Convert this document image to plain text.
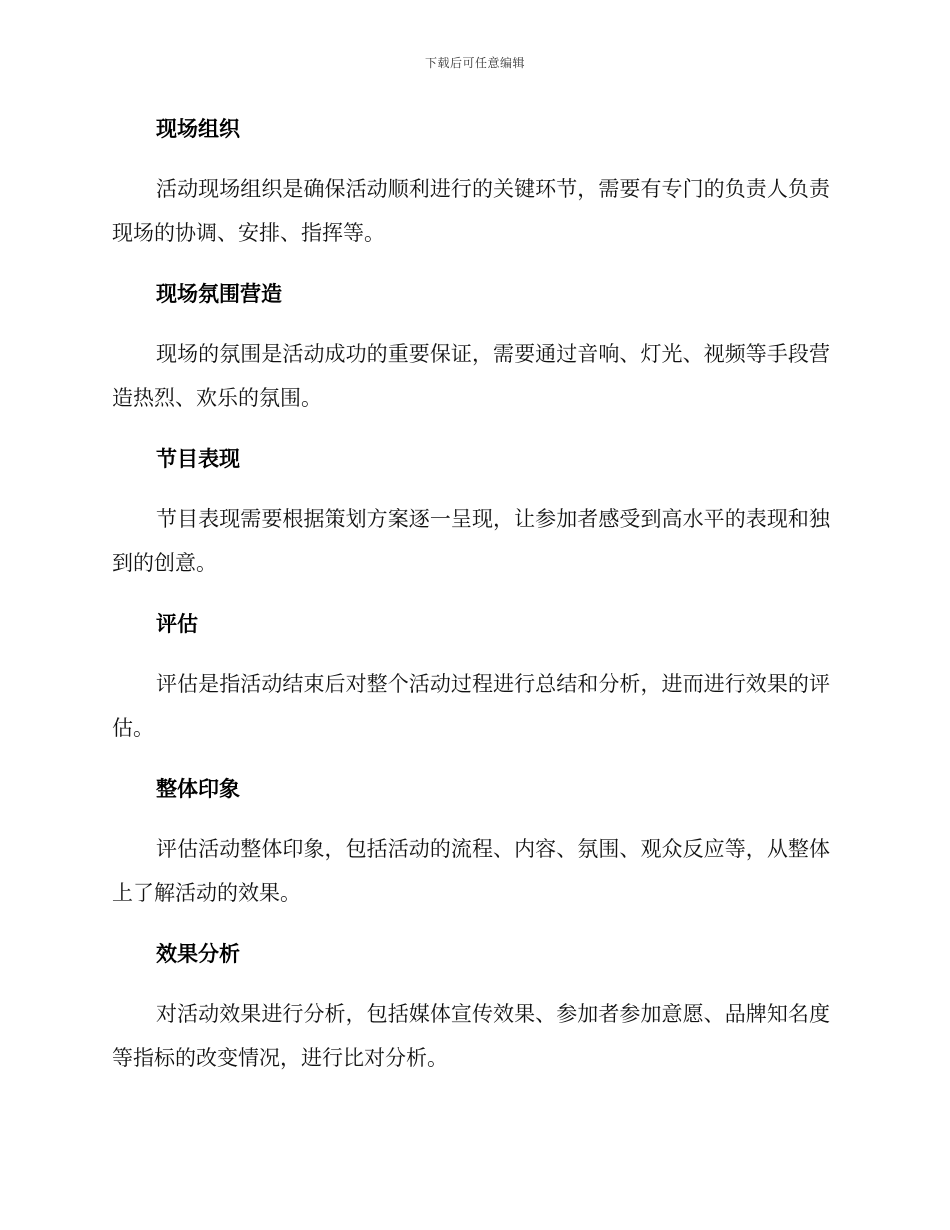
下载后可任意编辑
现场组织

活动现场组织是确保活动顺利进行的关键环节，需要有专门的负责人负责现场的协调、安排、指挥等。

现场氛围营造

现场的氛围是活动成功的重要保证，需要通过音响、灯光、视频等手段营造热烈、欢乐的氛围。

节目表现

节目表现需要根据策划方案逐一呈现，让参加者感受到高水平的表现和独到的创意。

评估

评估是指活动结束后对整个活动过程进行总结和分析，进而进行效果的评估。

整体印象

评估活动整体印象，包括活动的流程、内容、氛围、观众反应等，从整体上了解活动的效果。

效果分析

对活动效果进行分析，包括媒体宣传效果、参加者参加意愿、品牌知名度等指标的改变情况，进行比对分析。
